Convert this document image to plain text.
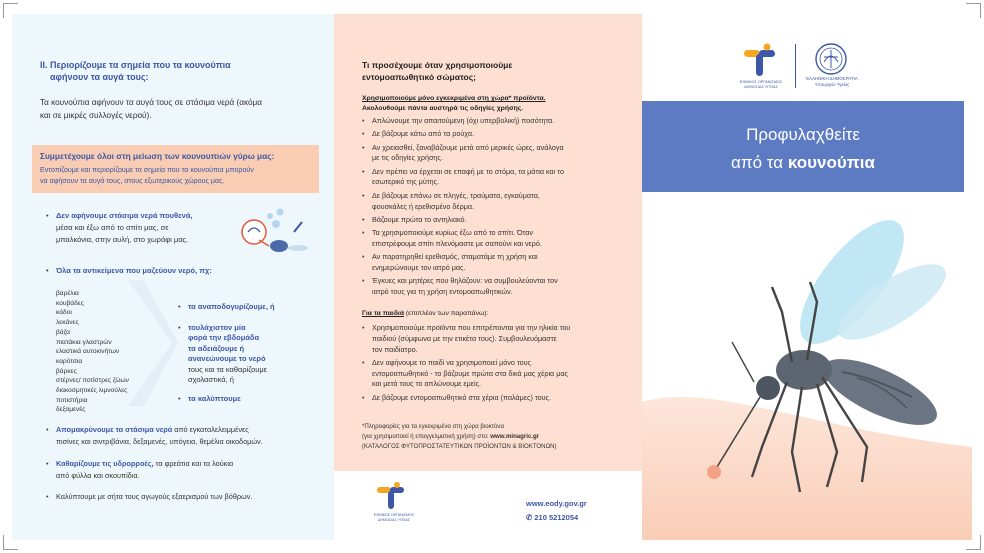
ΙΙ. Περιορίζουμε τα σημεία που τα κουνούπια
αφήνουν τα αυγά τους:
Τα κουνούπια αφήνουν τα αυγά τους σε στάσιμα νερά (ακόμα
και σε μικρές συλλογές νερού).
Συμμετέχουμε όλοι στη μείωση των κουνουπιών γύρω μας:
Εντοπίζουμε και περιορίζουμε τα σημεία που τα κουνούπια μπορούν
να αφήσουν τα αυγά τους, στους εξωτερικούς χώρους μας.
Δεν αφήνουμε στάσιμα νερά πουθενά,
μέσα και έξω από το σπίτι μας, σε
μπαλκόνια, στην αυλή, στο χωράφι μας.
Όλα τα αντικείμενα που μαζεύουν νερό, πχ:
βαρέλια
κουβάδες
κάδοι
λεκάνες
βάζα
πιατάκια γλαστρών
ελαστικά αυτοκινήτων
καρότσια
βάρκες
στέρνες/ ποτίστρες ζώων
διακοσμητικές λιμνούλες
ποτιστήρια
δεξαμενές
τα αναποδογυρίζουμε, ή
τουλάχιστον μία
φορά την εβδομάδα
τα αδειάζουμε ή
ανανεώνουμε το νερό
τους και τα καθαρίζουμε
σχολαστικά, ή
τα καλύπτουμε
Απομακρύνουμε τα στάσιμα νερά από εγκαταλελειμμένες
πισίνες και σιντριβάνια, δεξαμενές, υπόγεια, θεμέλια οικοδομών.
Καθαρίζουμε τις υδρορροές, τα φρεάτια και τα λούκια
από φύλλα και σκουπίδια.
Καλύπτουμε με σήτα τους αγωγούς εξαερισμού των βόθρων.
Τι προσέχουμε όταν χρησιμοποιούμε
εντομοαπωθητικό σώματος;
Χρησιμοποιούμε μόνο εγκεκριμένα στη χώρα* προϊόντα.
Ακολουθούμε πάντα αυστηρά τις οδηγίες χρήσης.
Απλώνουμε την απαιτούμενη (όχι υπερβολική) ποσότητα.
Δε βάζουμε κάτω από τα ρούχα.
Αν χρειασθεί, ξαναβάζουμε μετά από μερικές ώρες, ανάλογα
με τις οδηγίες χρήσης.
Δεν πρέπει να έρχεται σε επαφή με το στόμα, τα μάτια και το
εσωτερικό της μύτης.
Δε βάζουμε επάνω σε πληγές, τραύματα, εγκαύματα,
φουσκάλες ή ερεθισμένο δέρμα.
Βάζουμε πρώτα το αντηλιακό.
Τα χρησιμοποιούμε κυρίως έξω από το σπίτι. Όταν
επιστρέφουμε σπίτι πλενόμαστε με σαπούνι και νερό.
Αν παρατηρηθεί ερεθισμός, σταματάμε τη χρήση και
ενημερώνουμε τον ιατρό μας.
Έγκυες και μητέρες που θηλάζουν: να συμβουλεύονται τον
ιατρό τους για τη χρήση εντομοαπωθητικών.
Για τα παιδιά (επιπλέον των παραπάνω):
Χρησιμοποιούμε προϊόντα που επιτρέπονται για την ηλικία του
παιδιού (σύμφωνα με την ετικέτα τους). Συμβουλευόμαστε
τον παιδίατρο.
Δεν αφήνουμε το παιδί να χρησιμοποιεί μόνο τους
εντομοαπωθητικό - το βάζουμε πρώτα στα δικά μας χέρια μας
και μετά τους το απλώνουμε εμείς.
Δε βάζουμε εντομοαπωθητικό στα χέρια (παλάμες) τους.
*Πληροφορίες για τα εγκεκριμένα στη χώρα βιοκτόνα
(για χρησιμοποιεί ή επαγγελματική χρήση) στο: www.minagric.gr
(ΚΑΤΑΛΟΓΟΣ ΦΥΤΟΠΡΟΣΤΑΤΕΥΤΙΚΩΝ ΠΡΟΪΟΝΤΩΝ & ΒΙΟΚΤΟΝΩΝ)
ΕΘΝΙΚΟΣ ΟΡΓΑΝΙΣΜΟΣ
ΔΗΜΟΣΙΑΣ ΥΓΕΙΑΣ
www.eody.gov.gr
✆ 210 5212054
ΕΘΝΙΚΟΣ ΟΡΓΑΝΙΣΜΟΣ
ΔΗΜΟΣΙΑΣ ΥΓΕΙΑΣ
ΕΛΛΗΝΙΚΗ ΔΗΜΟΚΡΑΤΙΑ
Υπουργείο Υγείας
Προφυλαχθείτε
από τα κουνούπια
